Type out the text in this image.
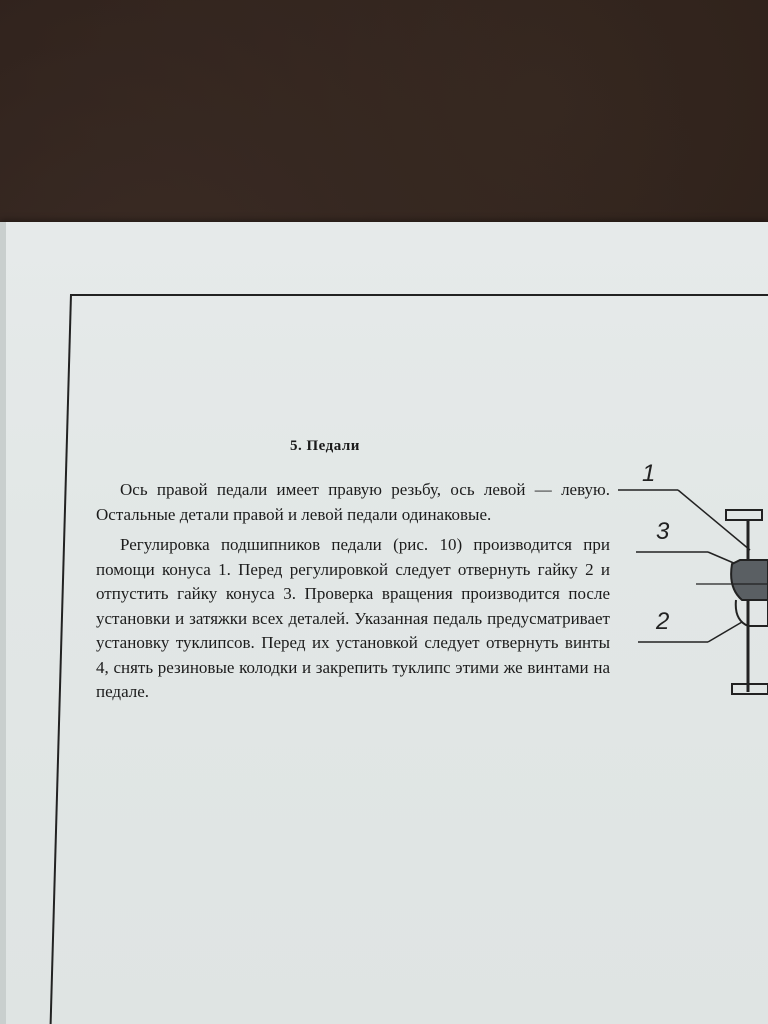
5. Педали

Ось правой педали имеет правую резьбу, ось левой — левую. Остальные детали правой и левой педали одинаковые.

Регулировка подшипников педали (рис. 10) производится при помощи конуса 1. Перед регулировкой следует отвернуть гайку 2 и отпустить гайку конуса 3. Проверка вращения производится после установки и затяжки всех деталей. Указанная педаль предусматривает установку туклипсов. Перед их установкой следует отвернуть винты 4, снять резиновые колодки и закрепить туклипс этими же винтами на педале.

1
3
2
